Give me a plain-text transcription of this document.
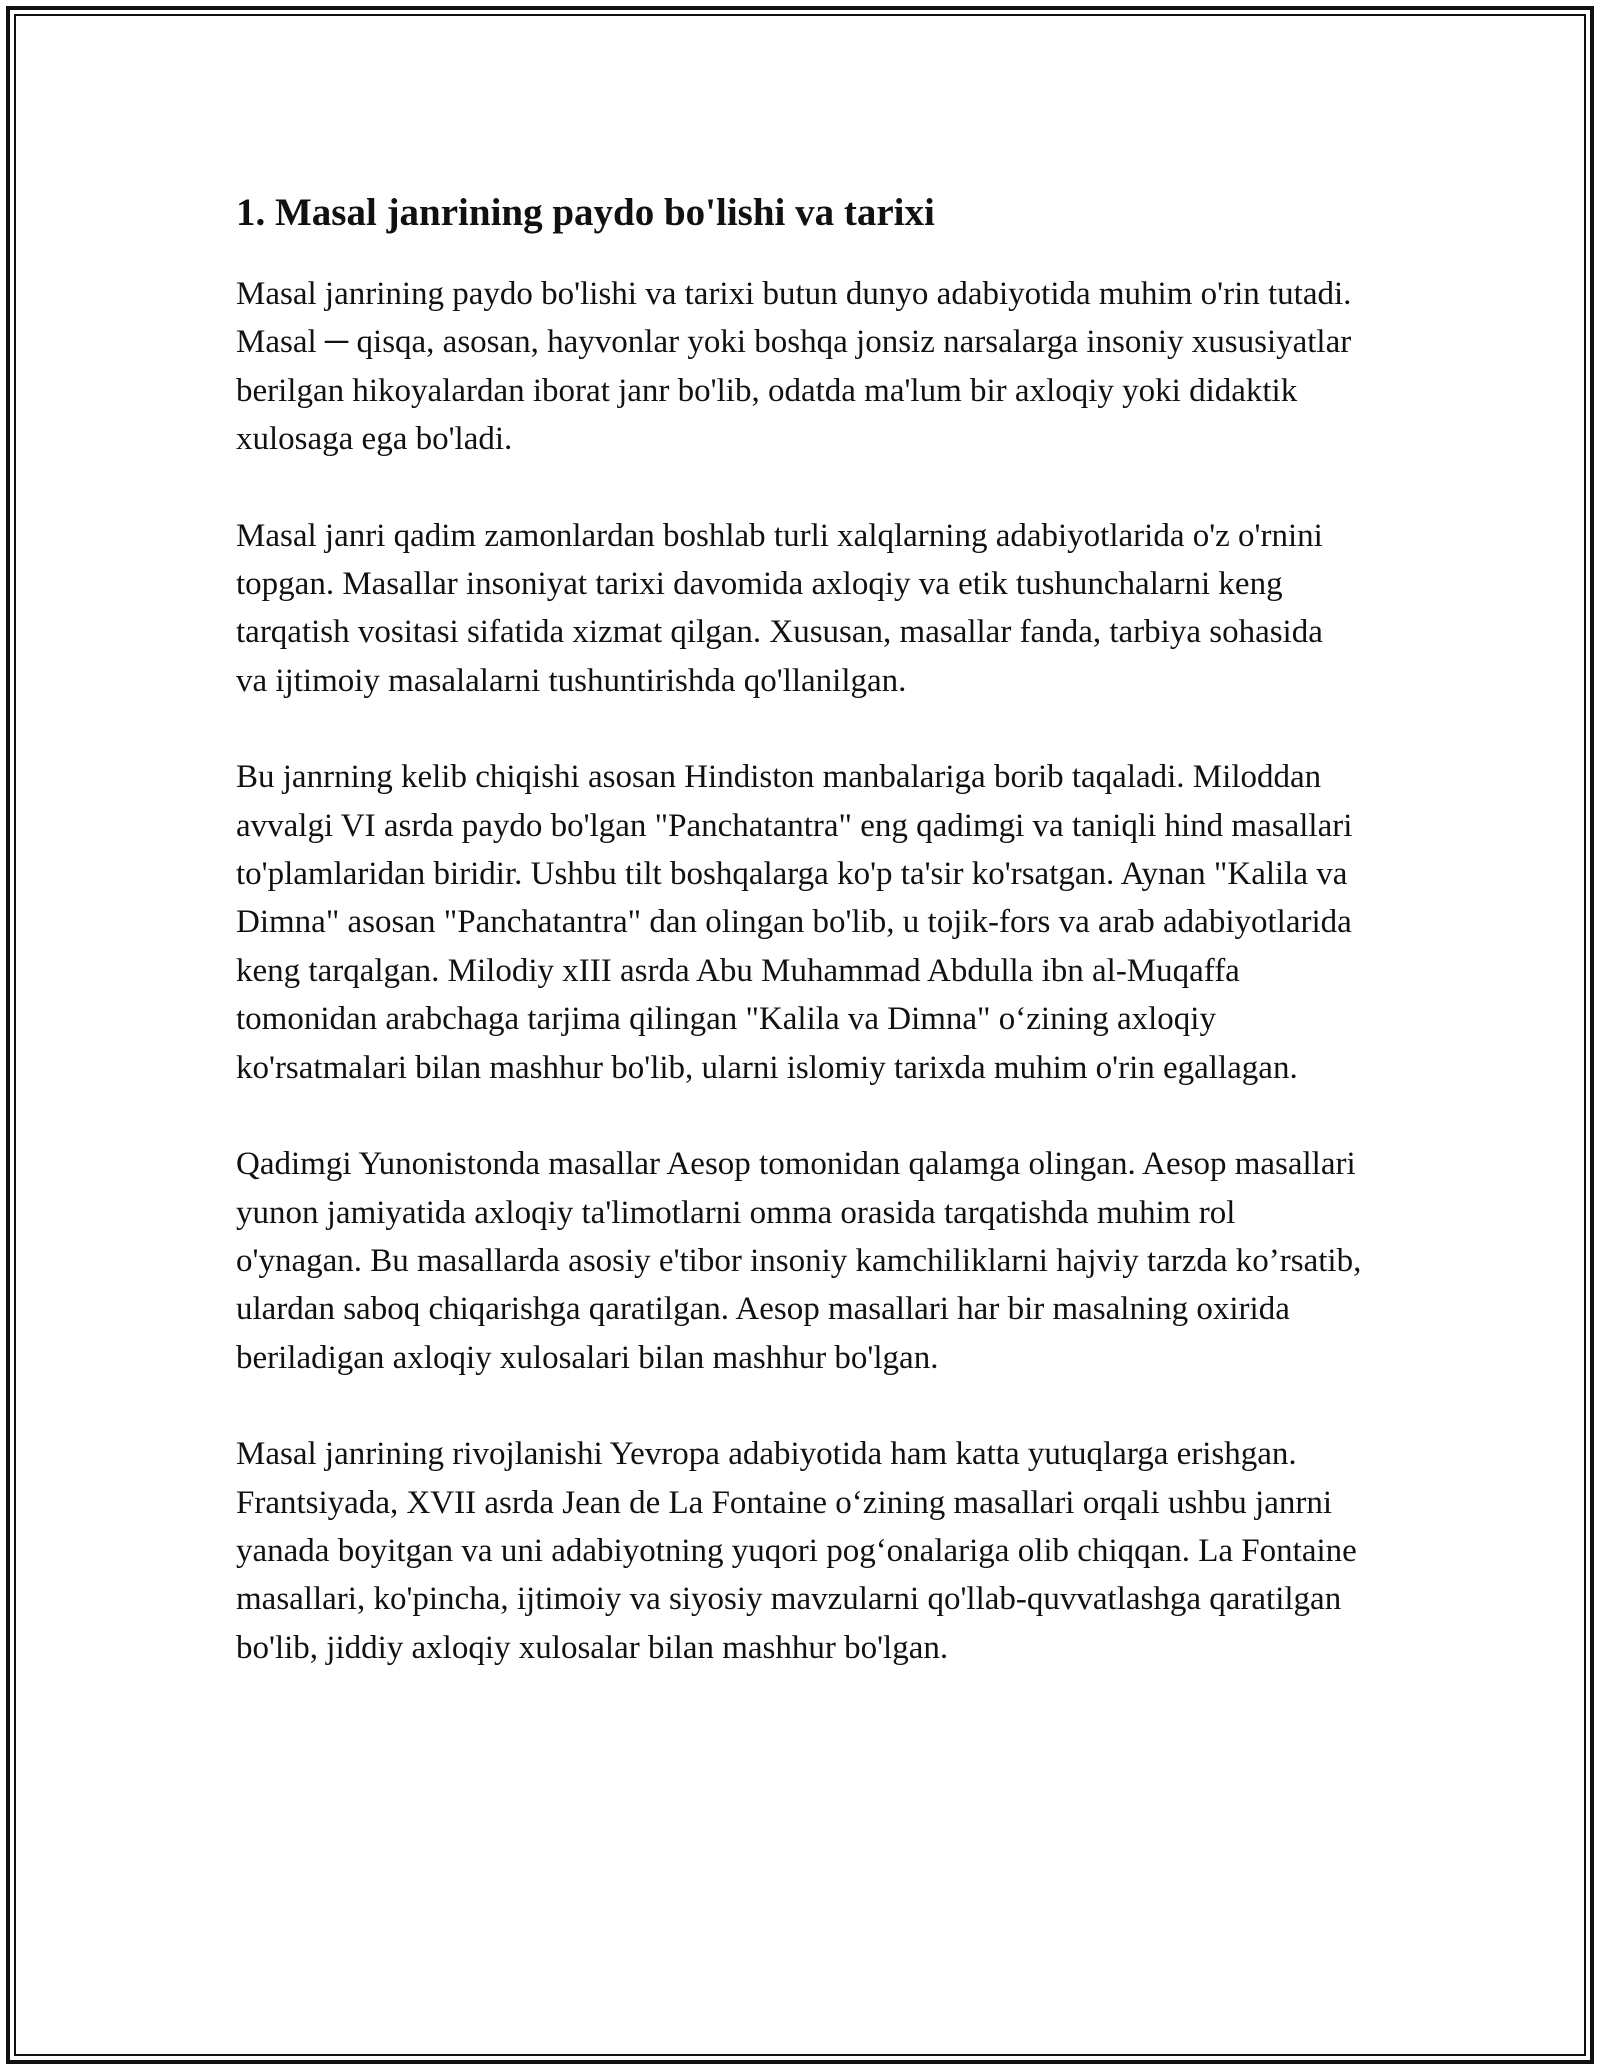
1. Masal janrining paydo bo'lishi va tarixi

Masal janrining paydo bo'lishi va tarixi butun dunyo adabiyotida muhim o'rin tutadi. Masal ─ qisqa, asosan, hayvonlar yoki boshqa jonsiz narsalarga insoniy xususiyatlar berilgan hikoyalardan iborat janr bo'lib, odatda ma'lum bir axloqiy yoki didaktik xulosaga ega bo'ladi.

Masal janri qadim zamonlardan boshlab turli xalqlarning adabiyotlarida o'z o'rnini topgan. Masallar insoniyat tarixi davomida axloqiy va etik tushunchalarni keng tarqatish vositasi sifatida xizmat qilgan. Xususan, masallar fanda, tarbiya sohasida va ijtimoiy masalalarni tushuntirishda qo'llanilgan.

Bu janrning kelib chiqishi asosan Hindiston manbalariga borib taqaladi. Miloddan avvalgi VI asrda paydo bo'lgan "Panchatantra" eng qadimgi va taniqli hind masallari to'plamlaridan biridir. Ushbu tilt boshqalarga ko'p ta'sir ko'rsatgan. Aynan "Kalila va Dimna" asosan "Panchatantra" dan olingan bo'lib, u tojik-fors va arab adabiyotlarida keng tarqalgan. Milodiy xIII asrda Abu Muhammad Abdulla ibn al-Muqaffa tomonidan arabchaga tarjima qilingan "Kalila va Dimna" o‘zining axloqiy ko'rsatmalari bilan mashhur bo'lib, ularni islomiy tarixda muhim o'rin egallagan.

Qadimgi Yunonistonda masallar Aesop tomonidan qalamga olingan. Aesop masallari yunon jamiyatida axloqiy ta'limotlarni omma orasida tarqatishda muhim rol o'ynagan. Bu masallarda asosiy e'tibor insoniy kamchiliklarni hajviy tarzda ko’rsatib, ulardan saboq chiqarishga qaratilgan. Aesop masallari har bir masalning oxirida beriladigan axloqiy xulosalari bilan mashhur bo'lgan.

Masal janrining rivojlanishi Yevropa adabiyotida ham katta yutuqlarga erishgan. Frantsiyada, XVII asrda Jean de La Fontaine o‘zining masallari orqali ushbu janrni yanada boyitgan va uni adabiyotning yuqori pog‘onalariga olib chiqqan. La Fontaine masallari, ko'pincha, ijtimoiy va siyosiy mavzularni qo'llab-quvvatlashga qaratilgan bo'lib, jiddiy axloqiy xulosalar bilan mashhur bo'lgan.
